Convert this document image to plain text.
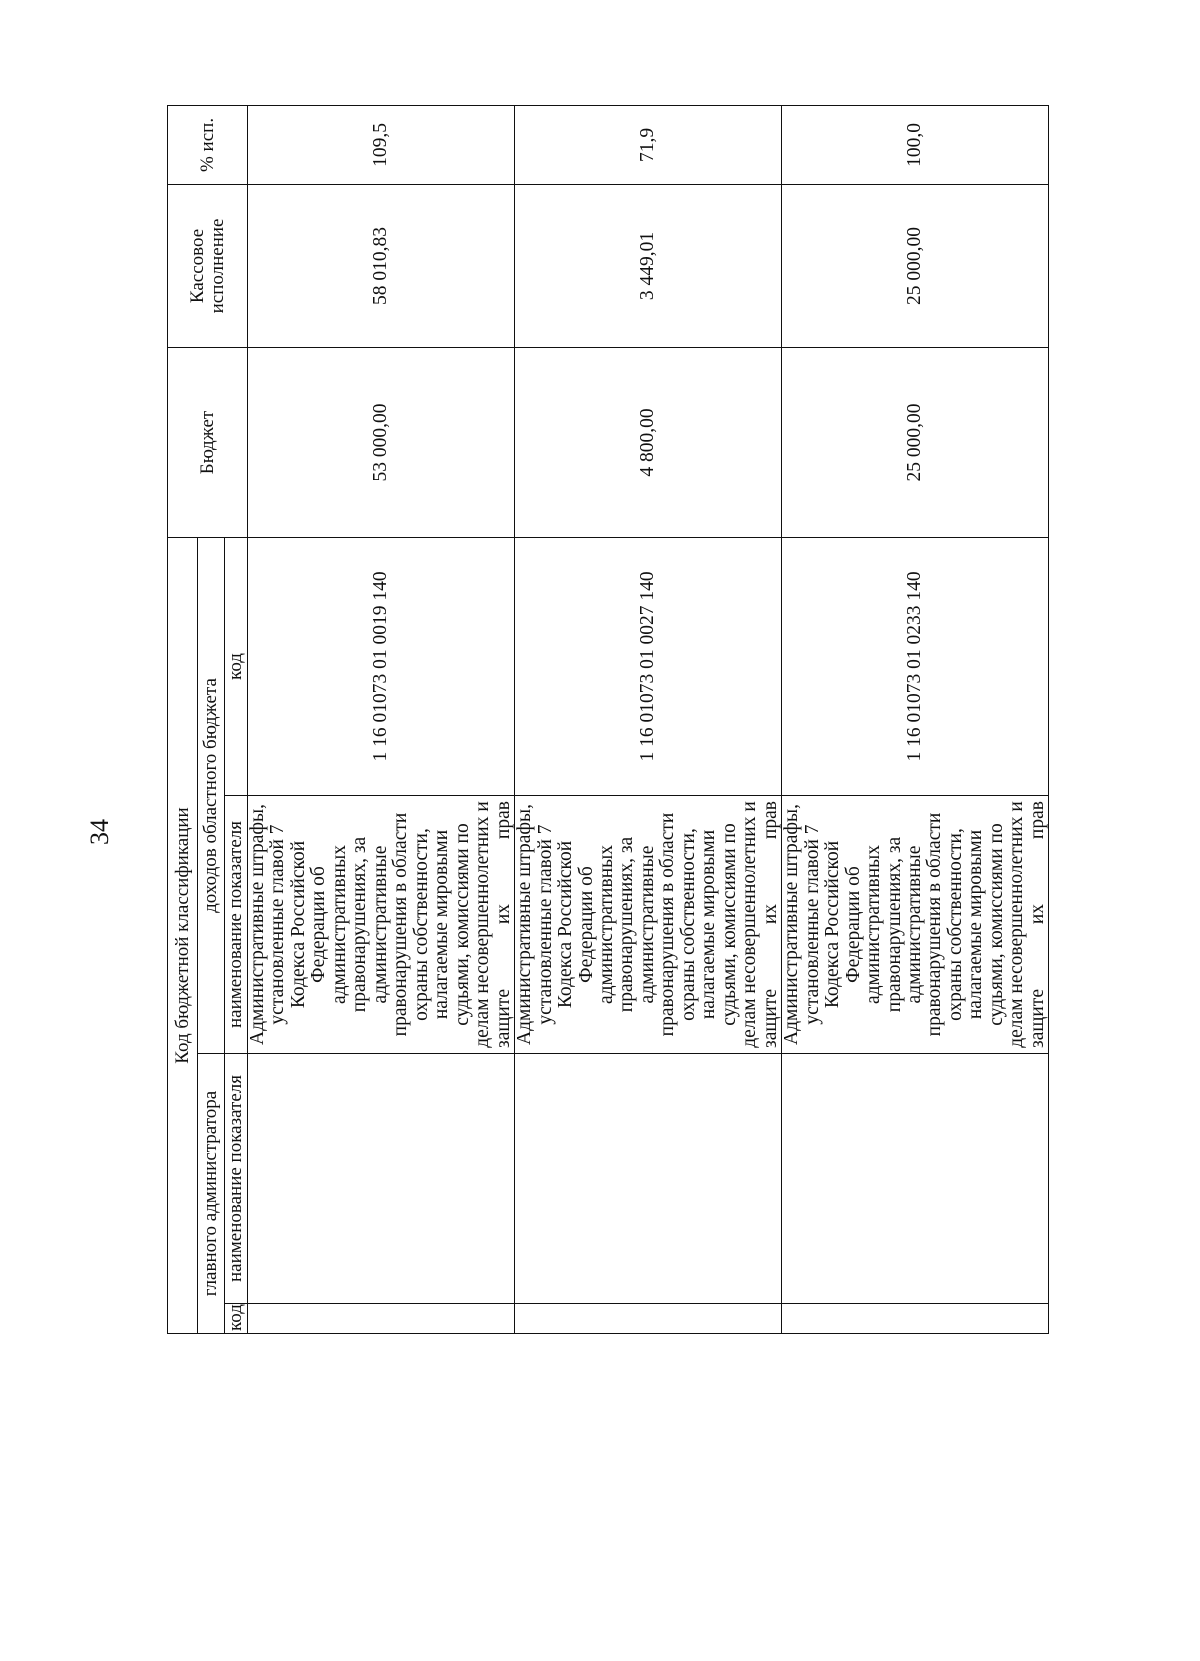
34	Код бюджетной классификации				Бюджет	Кассовое исполнение	% исп.
главного администратора		доходов областного бюджета				
код	наименование показателя	наименование показателя	код			
		Административные штрафы, установленные главой 7 Кодекса Российской Федерации об административных правонарушениях, за административные правонарушения в области охраны собственности, налагаемые мировыми судьями, комиссиями по делам несовершеннолетних и защите их прав	1 16 01073 01 0019 140	53 000,00	58 010,83	109,5
		Административные штрафы, установленные главой 7 Кодекса Российской Федерации об административных правонарушениях, за административные правонарушения в области охраны собственности, налагаемые мировыми судьями, комиссиями по делам несовершеннолетних и защите их прав	1 16 01073 01 0027 140	4 800,00	3 449,01	71,9
		Административные штрафы, установленные главой 7 Кодекса Российской Федерации об административных правонарушениях, за административные правонарушения в области охраны собственности, налагаемые мировыми судьями, комиссиями по делам несовершеннолетних и защите их прав	1 16 01073 01 0233 140	25 000,00	25 000,00	100,0
